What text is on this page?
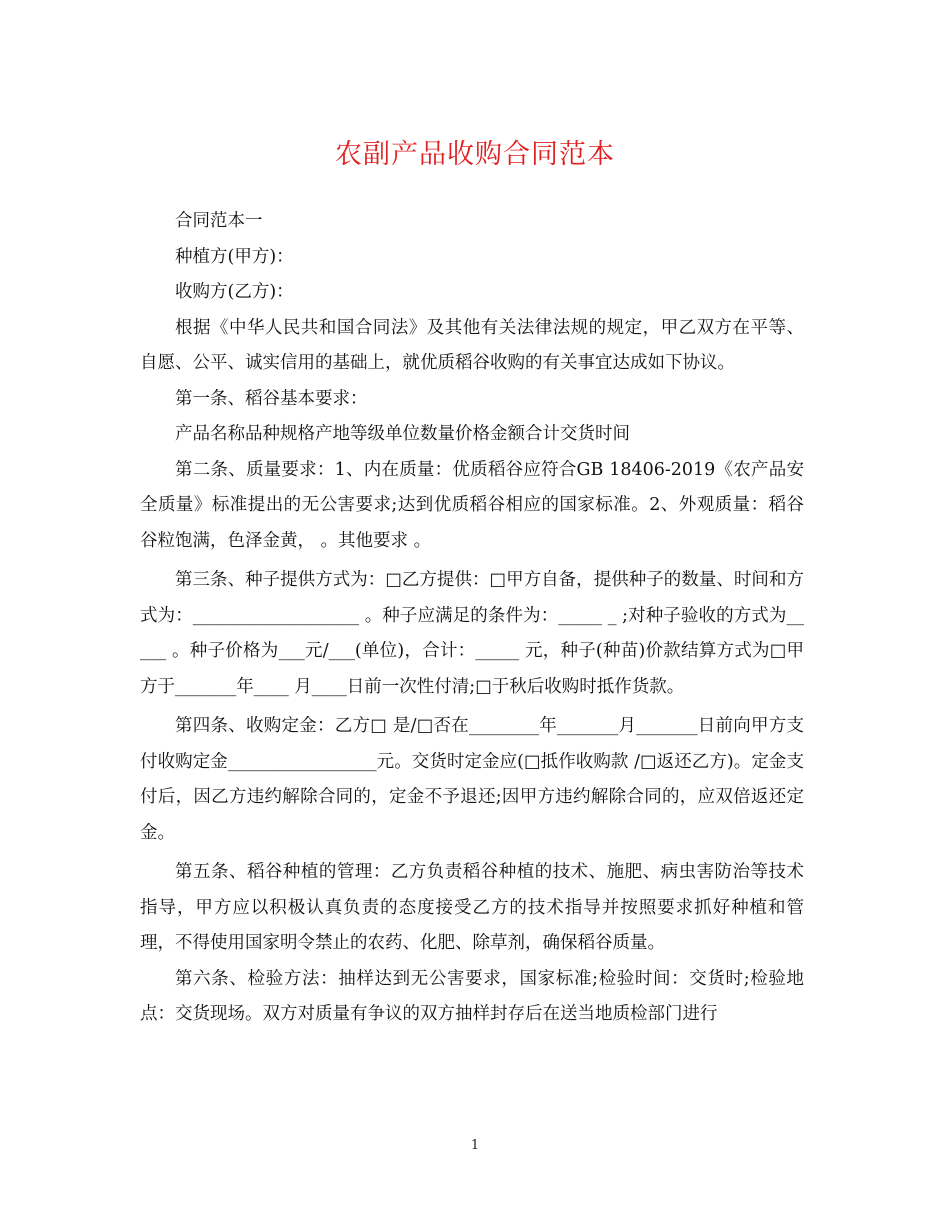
农副产品收购合同范本

合同范本一

种植方(甲方)：

收购方(乙方)：

根据《中华人民共和国合同法》及其他有关法律法规的规定，甲乙双方在平等、自愿、公平、诚实信用的基础上，就优质稻谷收购的有关事宜达成如下协议。

第一条、稻谷基本要求：

产品名称品种规格产地等级单位数量价格金额合计交货时间

第二条、质量要求：1、内在质量：优质稻谷应符合GB 18406-2019《农产品安全质量》标准提出的无公害要求;达到优质稻谷相应的国家标准。2、外观质量：稻谷谷粒饱满，色泽金黄， 。其他要求 。

第三条、种子提供方式为：□乙方提供：□甲方自备，提供种子的数量、时间和方式为：___________________ 。种子应满足的条件为：_____ _ ;对种子验收的方式为_____ 。种子价格为___元/___(单位)，合计：_____ 元，种子(种苗)价款结算方式为□甲方于_______年____ 月____日前一次性付清;□于秋后收购时抵作货款。

第四条、收购定金：乙方□ 是/□否在________年_______月_______日前向甲方支付收购定金_________________元。交货时定金应(□抵作收购款 /□返还乙方)。定金支付后，因乙方违约解除合同的，定金不予退还;因甲方违约解除合同的，应双倍返还定金。

第五条、稻谷种植的管理：乙方负责稻谷种植的技术、施肥、病虫害防治等技术指导，甲方应以积极认真负责的态度接受乙方的技术指导并按照要求抓好种植和管理，不得使用国家明令禁止的农药、化肥、除草剂，确保稻谷质量。

第六条、检验方法：抽样达到无公害要求，国家标准;检验时间：交货时;检验地点：交货现场。双方对质量有争议的双方抽样封存后在送当地质检部门进行

1
